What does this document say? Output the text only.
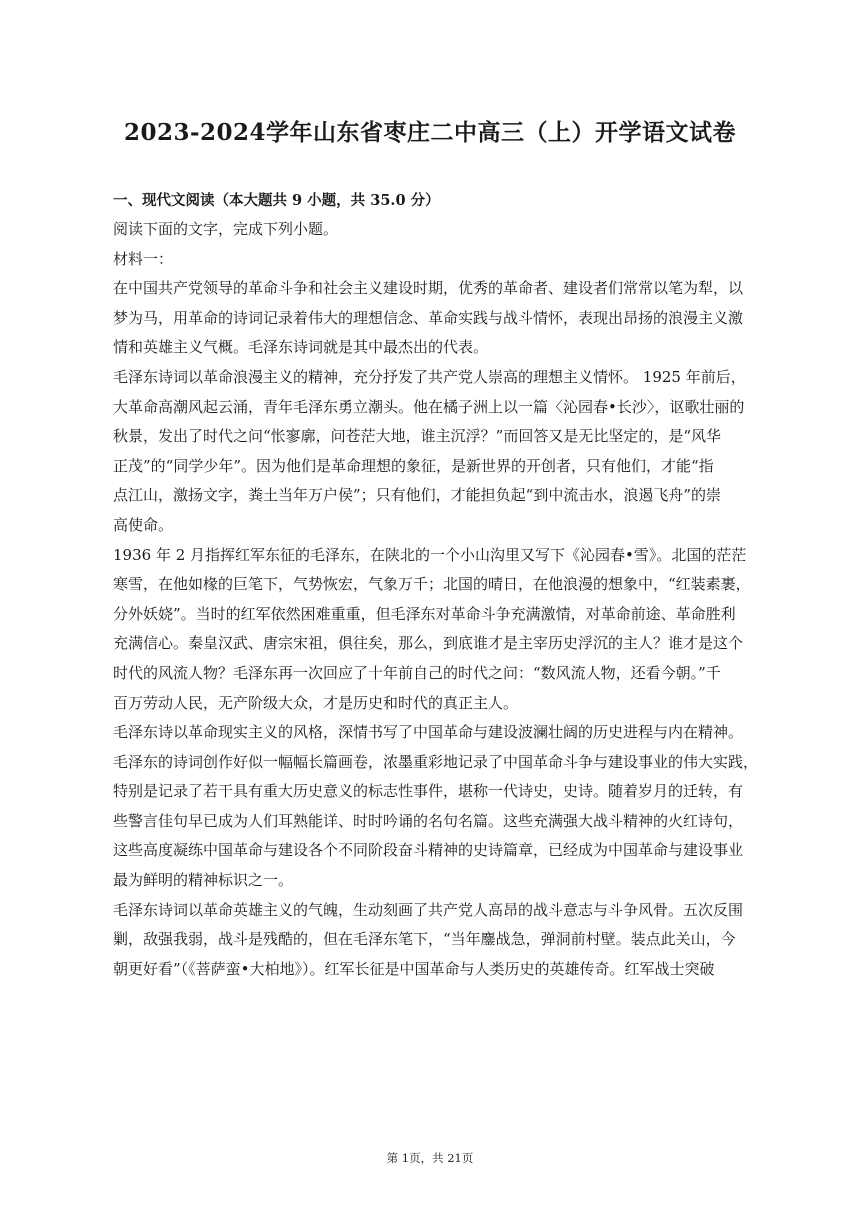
2023-2024学年山东省枣庄二中高三（上）开学语文试卷

一、现代文阅读（本大题共 9 小题，共 35.0 分）

阅读下面的文字，完成下列小题。

材料一：

在中国共产党领导的革命斗争和社会主义建设时期，优秀的革命者、建设者们常常以笔为犁，以

梦为马，用革命的诗词记录着伟大的理想信念、革命实践与战斗情怀，表现出昂扬的浪漫主义激

情和英雄主义气概。毛泽东诗词就是其中最杰出的代表。

毛泽东诗词以革命浪漫主义的精神，充分抒发了共产党人崇高的理想主义情怀。 1925 年前后，

大革命高潮风起云涌，青年毛泽东勇立潮头。他在橘子洲上以一篇〈沁园春•长沙〉，讴歌壮丽的

秋景，发出了时代之问“怅寥廓，问苍茫大地，谁主沉浮？”而回答又是无比坚定的，是“风华

正茂”的“同学少年”。因为他们是革命理想的象征，是新世界的开创者，只有他们，才能“指

点江山，激扬文字，粪土当年万户侯”；只有他们，才能担负起“到中流击水，浪遏飞舟”的崇

高使命。

1936 年 2 月指挥红军东征的毛泽东，在陕北的一个小山沟里又写下《沁园春•雪》。北国的茫茫

寒雪，在他如椽的巨笔下，气势恢宏，气象万千；北国的晴日，在他浪漫的想象中，“红装素裹，

分外妖娆”。当时的红军依然困难重重，但毛泽东对革命斗争充满激情，对革命前途、革命胜利

充满信心。秦皇汉武、唐宗宋祖，俱往矣，那么，到底谁才是主宰历史浮沉的主人？谁才是这个

时代的风流人物？毛泽东再一次回应了十年前自己的时代之问：“数风流人物，还看今朝。”千

百万劳动人民，无产阶级大众，才是历史和时代的真正主人。

毛泽东诗以革命现实主义的风格，深情书写了中国革命与建设波澜壮阔的历史进程与内在精神。

毛泽东的诗词创作好似一幅幅长篇画卷，浓墨重彩地记录了中国革命斗争与建设事业的伟大实践，

特别是记录了若干具有重大历史意义的标志性事件，堪称一代诗史，史诗。随着岁月的迁转，有

些警言佳句早已成为人们耳熟能详、时时吟诵的名句名篇。这些充满强大战斗精神的火红诗句，

这些高度凝练中国革命与建设各个不同阶段奋斗精神的史诗篇章，已经成为中国革命与建设事业

最为鲜明的精神标识之一。

毛泽东诗词以革命英雄主义的气魄，生动刻画了共产党人高昂的战斗意志与斗争风骨。五次反围

剿，敌强我弱，战斗是残酷的，但在毛泽东笔下，“当年鏖战急，弹洞前村壁。装点此关山，今

朝更好看”（《菩萨蛮•大柏地》）。红军长征是中国革命与人类历史的英雄传奇。红军战士突破

第 1页，共 21页
